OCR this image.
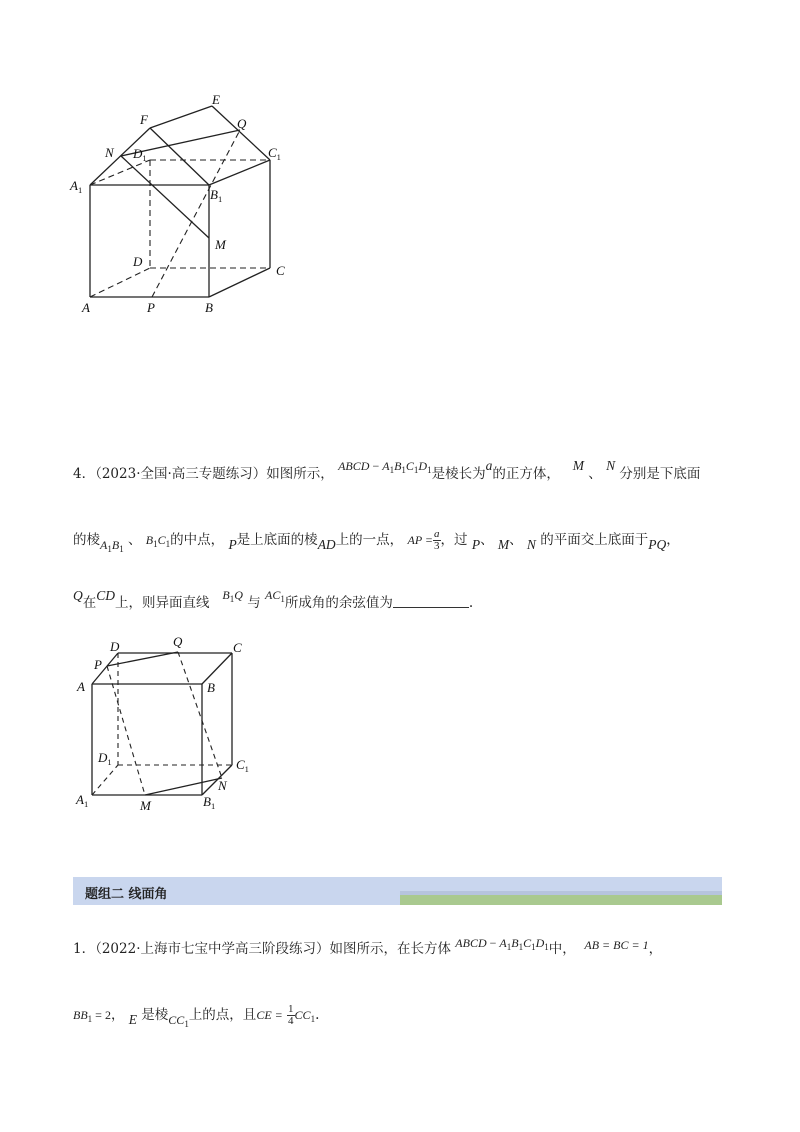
E
F
N
Q
$D_1$	$C_1$
$A_1$	$B_1$
M
D
C
A	P	B
4．（2023·全国·高三专题练习）如图所示， ABCD − $A_1B_1C_1D_1$是棱长为a的正方体，   M 、 N 分别是下底面
的棱$A_1B_1$ 、 $B_1C_1$的中点， P是上底面的棱AD上的一点， AP = $\frac{a}{3}$ ，过 P、 M、 N 的平面交上底面于PQ，
Q在CD上，则异面直线 $B_1Q$ 与 $AC_1$所成角的余弦值为	.
D	Q	C
P
A	B
$D_1$	$C_1$
N
$A_1$	M	$B_1$
题组二 线面角
1．（2022·上海市七宝中学高三阶段练习）如图所示，在长方体 ABCD − $A_1B_1C_1D_1$中， AB = BC = 1，
$BB_1 = 2$， E 是棱$CC_1$上的点，且CE = $\frac{1}{4} CC_1$.
